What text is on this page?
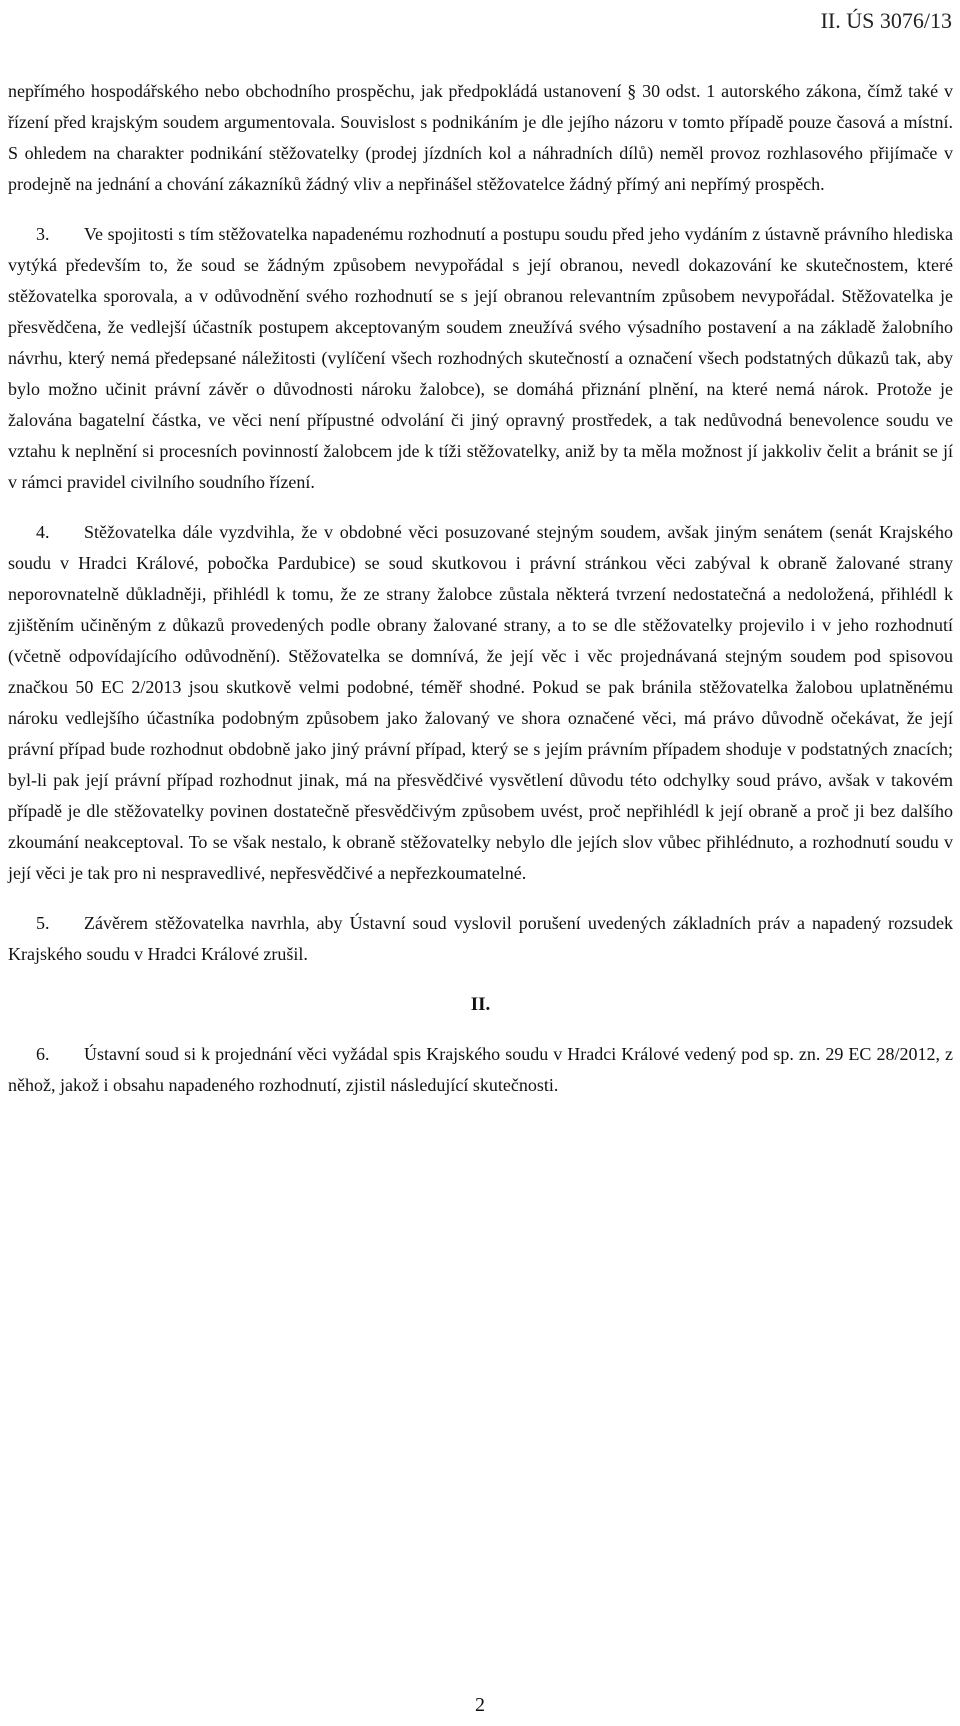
II. ÚS 3076/13

nepřímého hospodářského nebo obchodního prospěchu, jak předpokládá ustanovení § 30 odst. 1 autorského zákona, čímž také v řízení před krajským soudem argumentovala. Souvislost s podnikáním je dle jejího názoru v tomto případě pouze časová a místní. S ohledem na charakter podnikání stěžovatelky (prodej jízdních kol a náhradních dílů) neměl provoz rozhlasového přijímače v prodejně na jednání a chování zákazníků žádný vliv a nepřinášel stěžovatelce žádný přímý ani nepřímý prospěch.

3. Ve spojitosti s tím stěžovatelka napadenému rozhodnutí a postupu soudu před jeho vydáním z ústavně právního hlediska vytýká především to, že soud se žádným způsobem nevypořádal s její obranou, nevedl dokazování ke skutečnostem, které stěžovatelka sporovala, a v odůvodnění svého rozhodnutí se s její obranou relevantním způsobem nevypořádal. Stěžovatelka je přesvědčena, že vedlejší účastník postupem akceptovaným soudem zneužívá svého výsadního postavení a na základě žalobního návrhu, který nemá předepsané náležitosti (vylíčení všech rozhodných skutečností a označení všech podstatných důkazů tak, aby bylo možno učinit právní závěr o důvodnosti nároku žalobce), se domáhá přiznání plnění, na které nemá nárok. Protože je žalována bagatelní částka, ve věci není přípustné odvolání či jiný opravný prostředek, a tak nedůvodná benevolence soudu ve vztahu k neplnění si procesních povinností žalobcem jde k tíži stěžovatelky, aniž by ta měla možnost jí jakkoliv čelit a bránit se jí v rámci pravidel civilního soudního řízení.

4. Stěžovatelka dále vyzdvihla, že v obdobné věci posuzované stejným soudem, avšak jiným senátem (senát Krajského soudu v Hradci Králové, pobočka Pardubice) se soud skutkovou i právní stránkou věci zabýval k obraně žalované strany neporovnatelně důkladněji, přihlédl k tomu, že ze strany žalobce zůstala některá tvrzení nedostatečná a nedoložená, přihlédl k zjištěním učiněným z důkazů provedených podle obrany žalované strany, a to se dle stěžovatelky projevilo i v jeho rozhodnutí (včetně odpovídajícího odůvodnění). Stěžovatelka se domnívá, že její věc i věc projednávaná stejným soudem pod spisovou značkou 50 EC 2/2013 jsou skutkově velmi podobné, téměř shodné. Pokud se pak bránila stěžovatelka žalobou uplatněnému nároku vedlejšího účastníka podobným způsobem jako žalovaný ve shora označené věci, má právo důvodně očekávat, že její právní případ bude rozhodnut obdobně jako jiný právní případ, který se s jejím právním případem shoduje v podstatných znacích; byl-li pak její právní případ rozhodnut jinak, má na přesvědčivé vysvětlení důvodu této odchylky soud právo, avšak v takovém případě je dle stěžovatelky povinen dostatečně přesvědčivým způsobem uvést, proč nepřihlédl k její obraně a proč ji bez dalšího zkoumání neakceptoval. To se však nestalo, k obraně stěžovatelky nebylo dle jejích slov vůbec přihlédnuto, a rozhodnutí soudu v její věci je tak pro ni nespravedlivé, nepřesvědčivé a nepřezkoumatelné.

5. Závěrem stěžovatelka navrhla, aby Ústavní soud vyslovil porušení uvedených základních práv a napadený rozsudek Krajského soudu v Hradci Králové zrušil.

II.

6. Ústavní soud si k projednání věci vyžádal spis Krajského soudu v Hradci Králové vedený pod sp. zn. 29 EC 28/2012, z něhož, jakož i obsahu napadeného rozhodnutí, zjistil následující skutečnosti.

2
